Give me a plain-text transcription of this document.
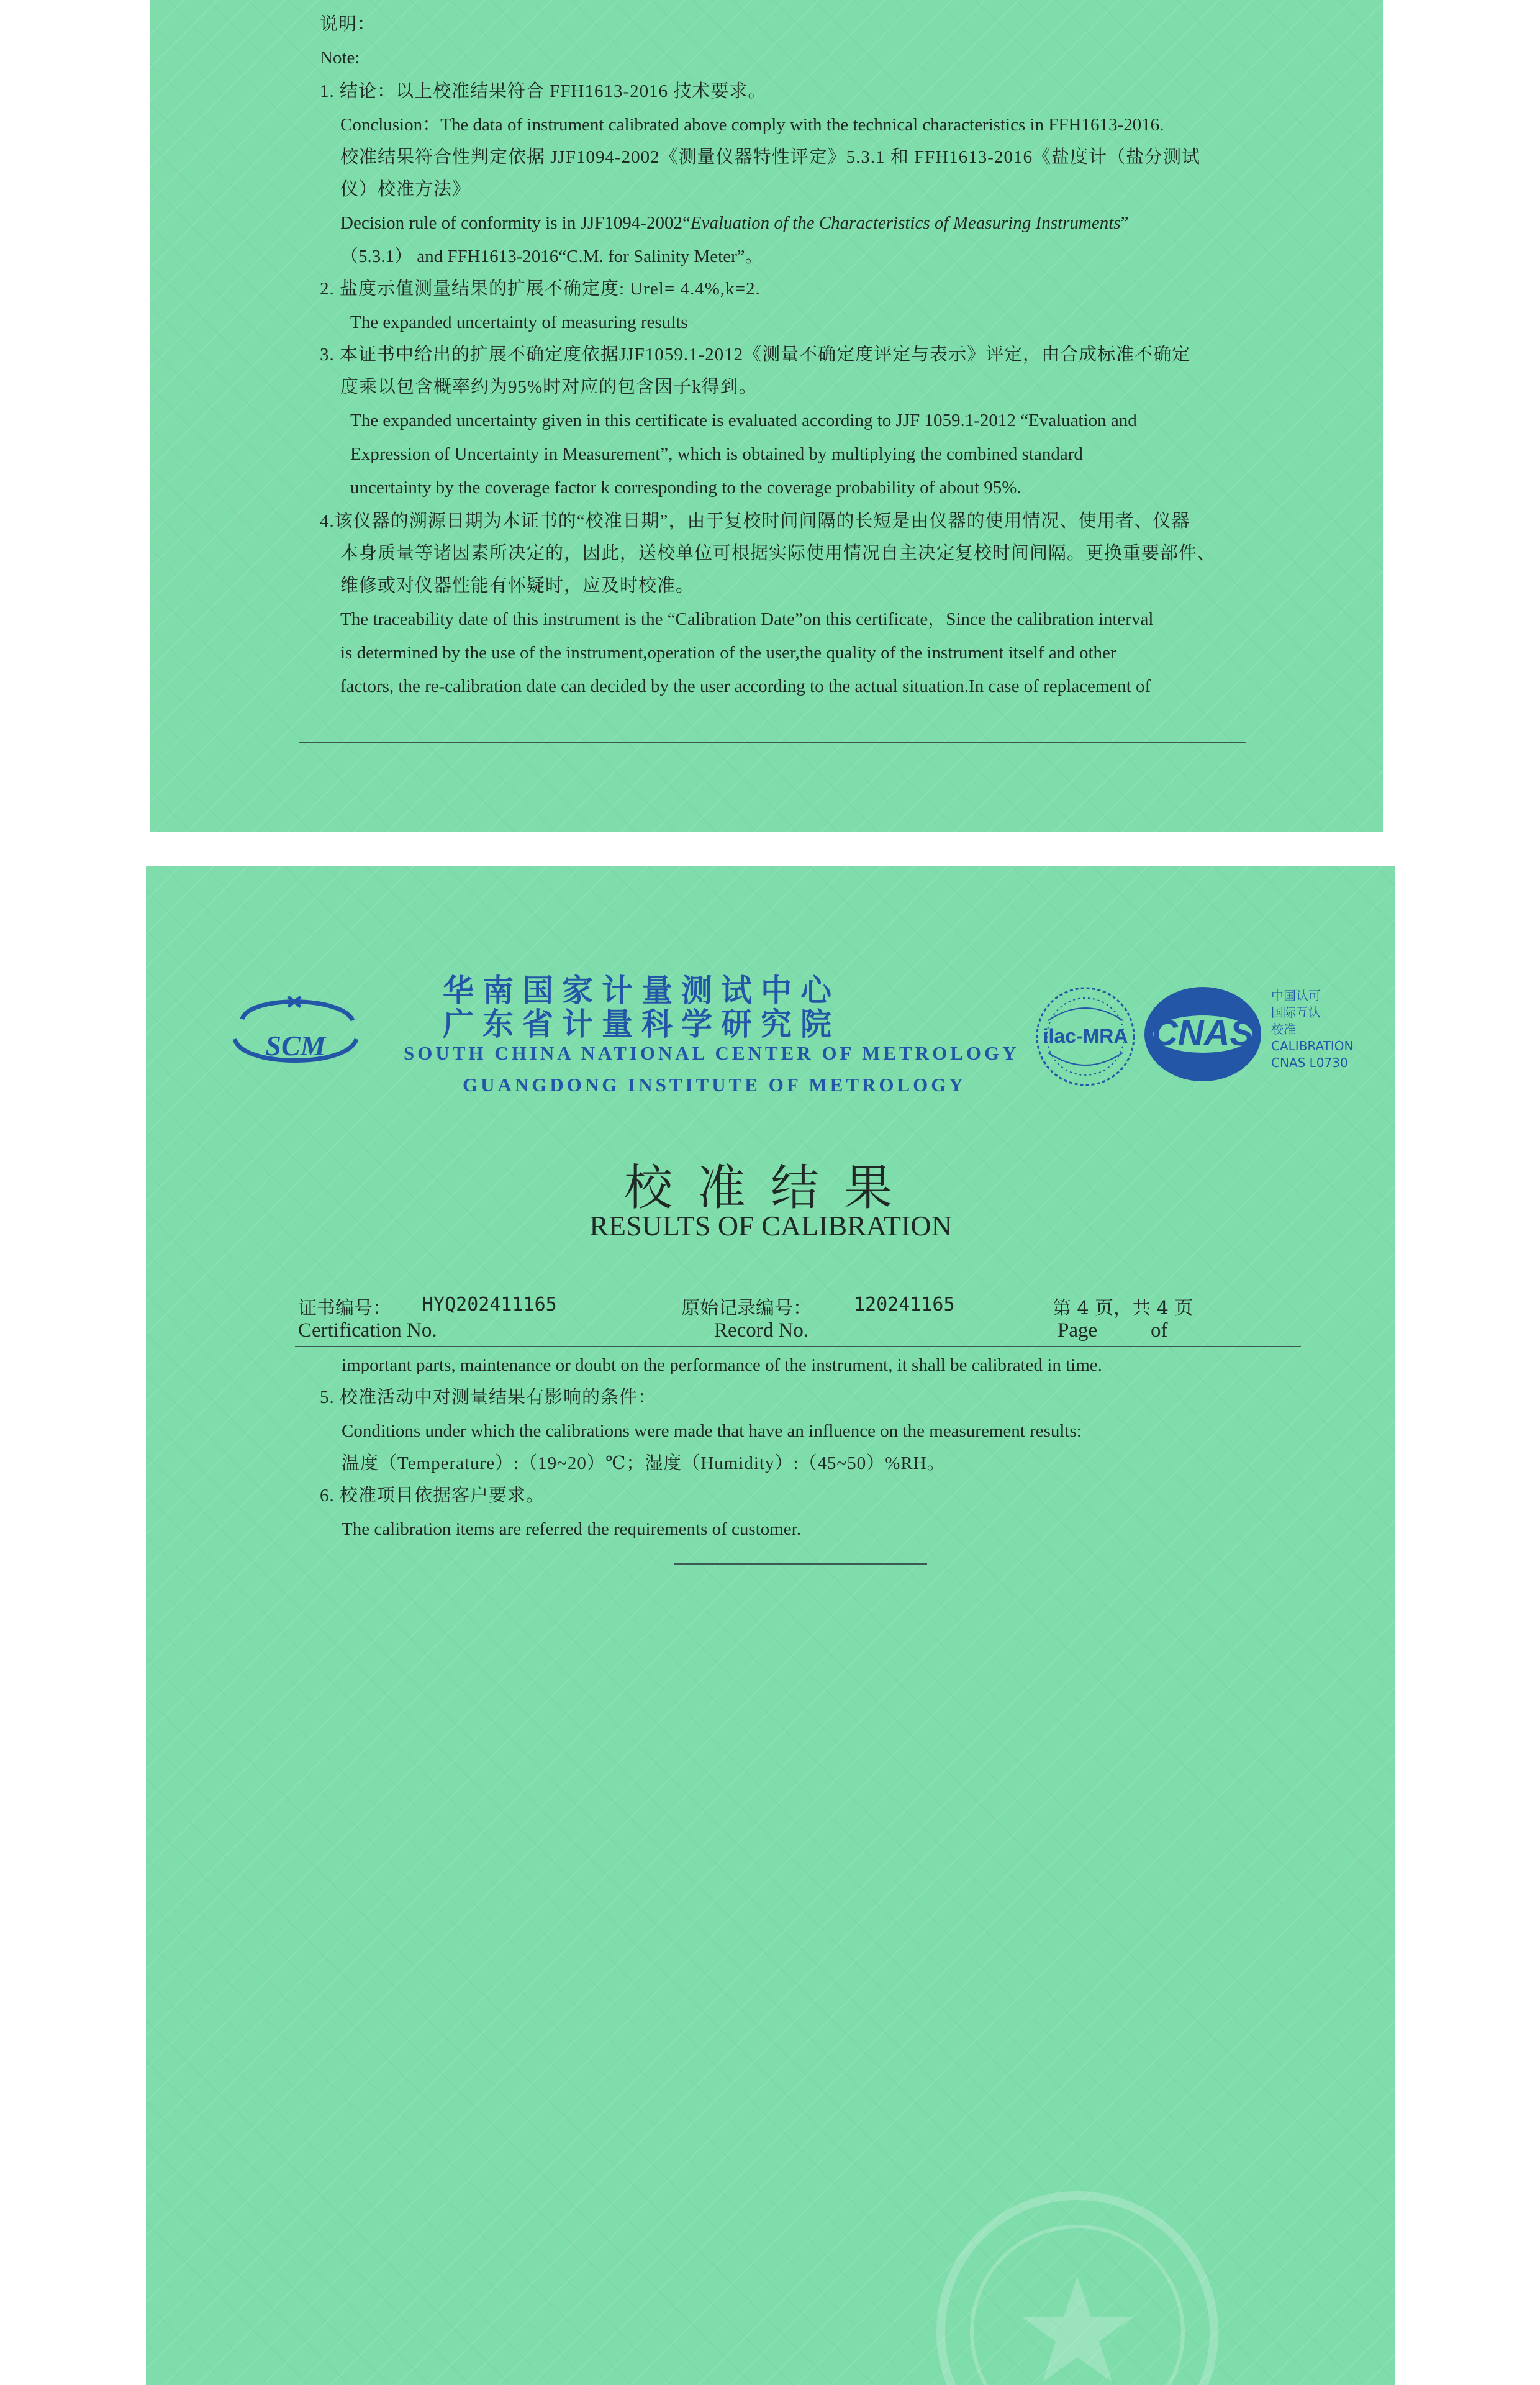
说明：
Note:
1. 结论：以上校准结果符合 FFH1613-2016 技术要求。
Conclusion：The data of instrument calibrated above comply with the technical characteristics in FFH1613-2016.
校准结果符合性判定依据 JJF1094-2002《测量仪器特性评定》5.3.1 和 FFH1613-2016《盐度计（盐分测试
仪）校准方法》
Decision rule of conformity is in JJF1094-2002“Evaluation of the Characteristics of Measuring Instruments”
（5.3.1） and FFH1613-2016“C.M. for Salinity Meter”。
2. 盐度示值测量结果的扩展不确定度: Urel= 4.4%,k=2.
The expanded uncertainty of measuring results
3. 本证书中给出的扩展不确定度依据JJF1059.1-2012《测量不确定度评定与表示》评定，由合成标准不确定
度乘以包含概率约为95%时对应的包含因子k得到。
The expanded uncertainty given in this certificate is evaluated according to JJF 1059.1-2012 “Evaluation and
Expression of Uncertainty in Measurement”, which is obtained by multiplying the combined standard
uncertainty by the coverage factor k corresponding to the coverage probability of about 95%.
4.该仪器的溯源日期为本证书的“校准日期”，由于复校时间间隔的长短是由仪器的使用情况、使用者、仪器
本身质量等诸因素所决定的，因此，送校单位可根据实际使用情况自主决定复校时间间隔。更换重要部件、
维修或对仪器性能有怀疑时，应及时校准。
The traceability date of this instrument is the “Calibration Date”on this certificate，Since the calibration interval
is determined by the use of the instrument,operation of the user,the quality of the instrument itself and other
factors, the re-calibration date can decided by the user according to the actual situation.In case of replacement of
SCM
华南国家计量测试中心
广东省计量科学研究院
SOUTH CHINA NATIONAL CENTER OF METROLOGY
GUANGDONG INSTITUTE OF METROLOGY
ilac-MRA CNAS
中国认可
国际互认
校准
CALIBRATION
CNAS L0730
校准结果
RESULTS OF CALIBRATION
证书编号： HYQ202411165
Certification No.
原始记录编号： 120241165
Record No.
第 4 页，共 4 页
Page	of
important parts, maintenance or doubt on the performance of the instrument, it shall be calibrated in time.
5. 校准活动中对测量结果有影响的条件：
Conditions under which the calibrations were made that have an influence on the measurement results:
温度（Temperature）:（19~20）℃；湿度（Humidity）:（45~50）%RH。
6. 校准项目依据客户要求。
The calibration items are referred the requirements of customer.
